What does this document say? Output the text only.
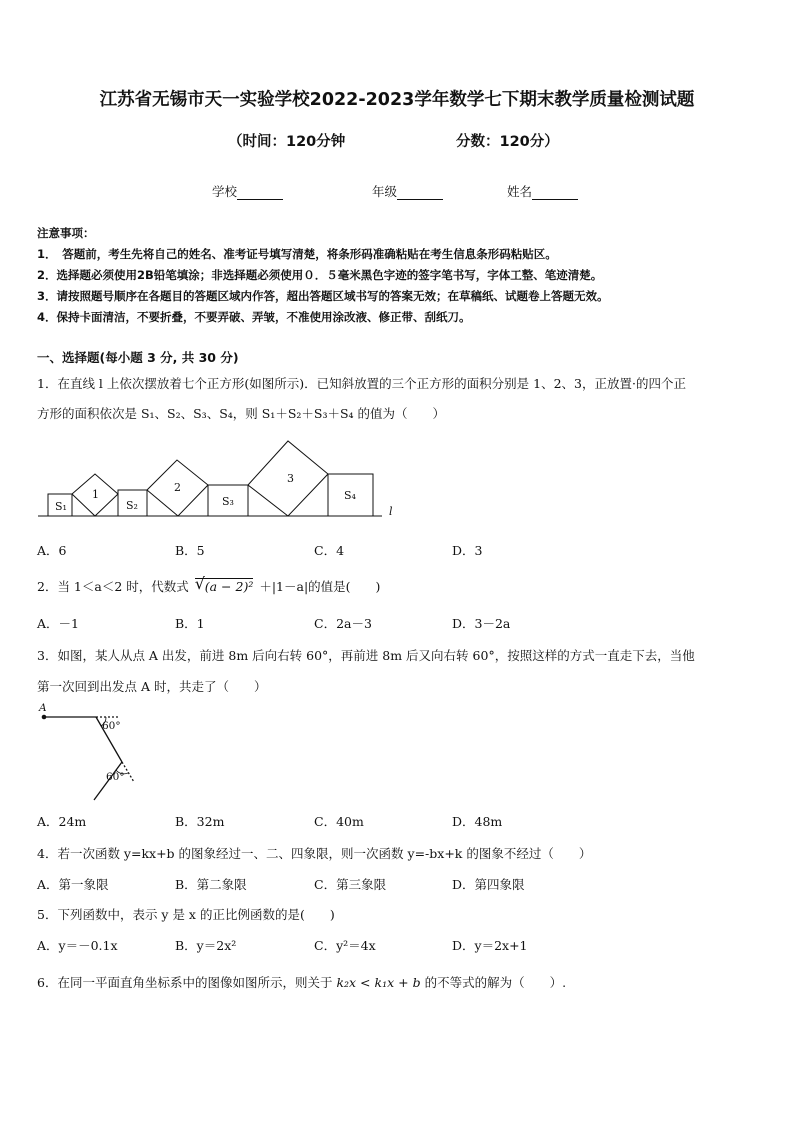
江苏省无锡市天一实验学校2022-2023学年数学七下期末教学质量检测试题
（时间：120分钟	分数：120分）
学校	年级	姓名
注意事项：
1．　答题前，考生先将自己的姓名、准考证号填写清楚，将条形码准确粘贴在考生信息条形码粘贴区。
2．选择题必须使用2B铅笔填涂；非选择题必须使用０．５毫米黑色字迹的签字笔书写，字体工整、笔迹清楚。
3．请按照题号顺序在各题目的答题区域内作答，超出答题区域书写的答案无效；在草稿纸、试题卷上答题无效。
4．保持卡面清洁，不要折叠，不要弄破、弄皱，不准使用涂改液、修正带、刮纸刀。
一、选择题(每小题 3 分, 共 30 分)
1．在直线 l 上依次摆放着七个正方形(如图所示)．已知斜放置的三个正方形的面积分别是 1、2、3，正放置·的四个正
方形的面积依次是 S₁、S₂、S₃、S₄，则 S₁＋S₂＋S₃＋S₄ 的值为（　　）
S₁
1
S₂
2
S₃
3
S₄
l
A．6	B．5	C．4	D．3
2．当 1＜a＜2 时，代数式 √ (a − 2)² ＋|1－a|的值是(　　)
A．－1	B．1	C．2a－3	D．3－2a
3．如图，某人从点 A 出发，前进 8m 后向右转 60°，再前进 8m 后又向右转 60°，按照这样的方式一直走下去，当他
第一次回到出发点 A 时，共走了（　　）
A
60°
60°
A．24m	B．32m	C．40m	D．48m
4．若一次函数 y=kx+b 的图象经过一、二、四象限，则一次函数 y=-bx+k 的图象不经过（　　）
A．第一象限	B．第二象限	C．第三象限	D．第四象限
5．下列函数中，表示 y 是 x 的正比例函数的是(　　)
A．y＝－0.1x	B．y＝2x²	C．y²＝4x	D．y＝2x+1
6．在同一平面直角坐标系中的图像如图所示，则关于 k₂x < k₁x + b 的不等式的解为（　　）.
